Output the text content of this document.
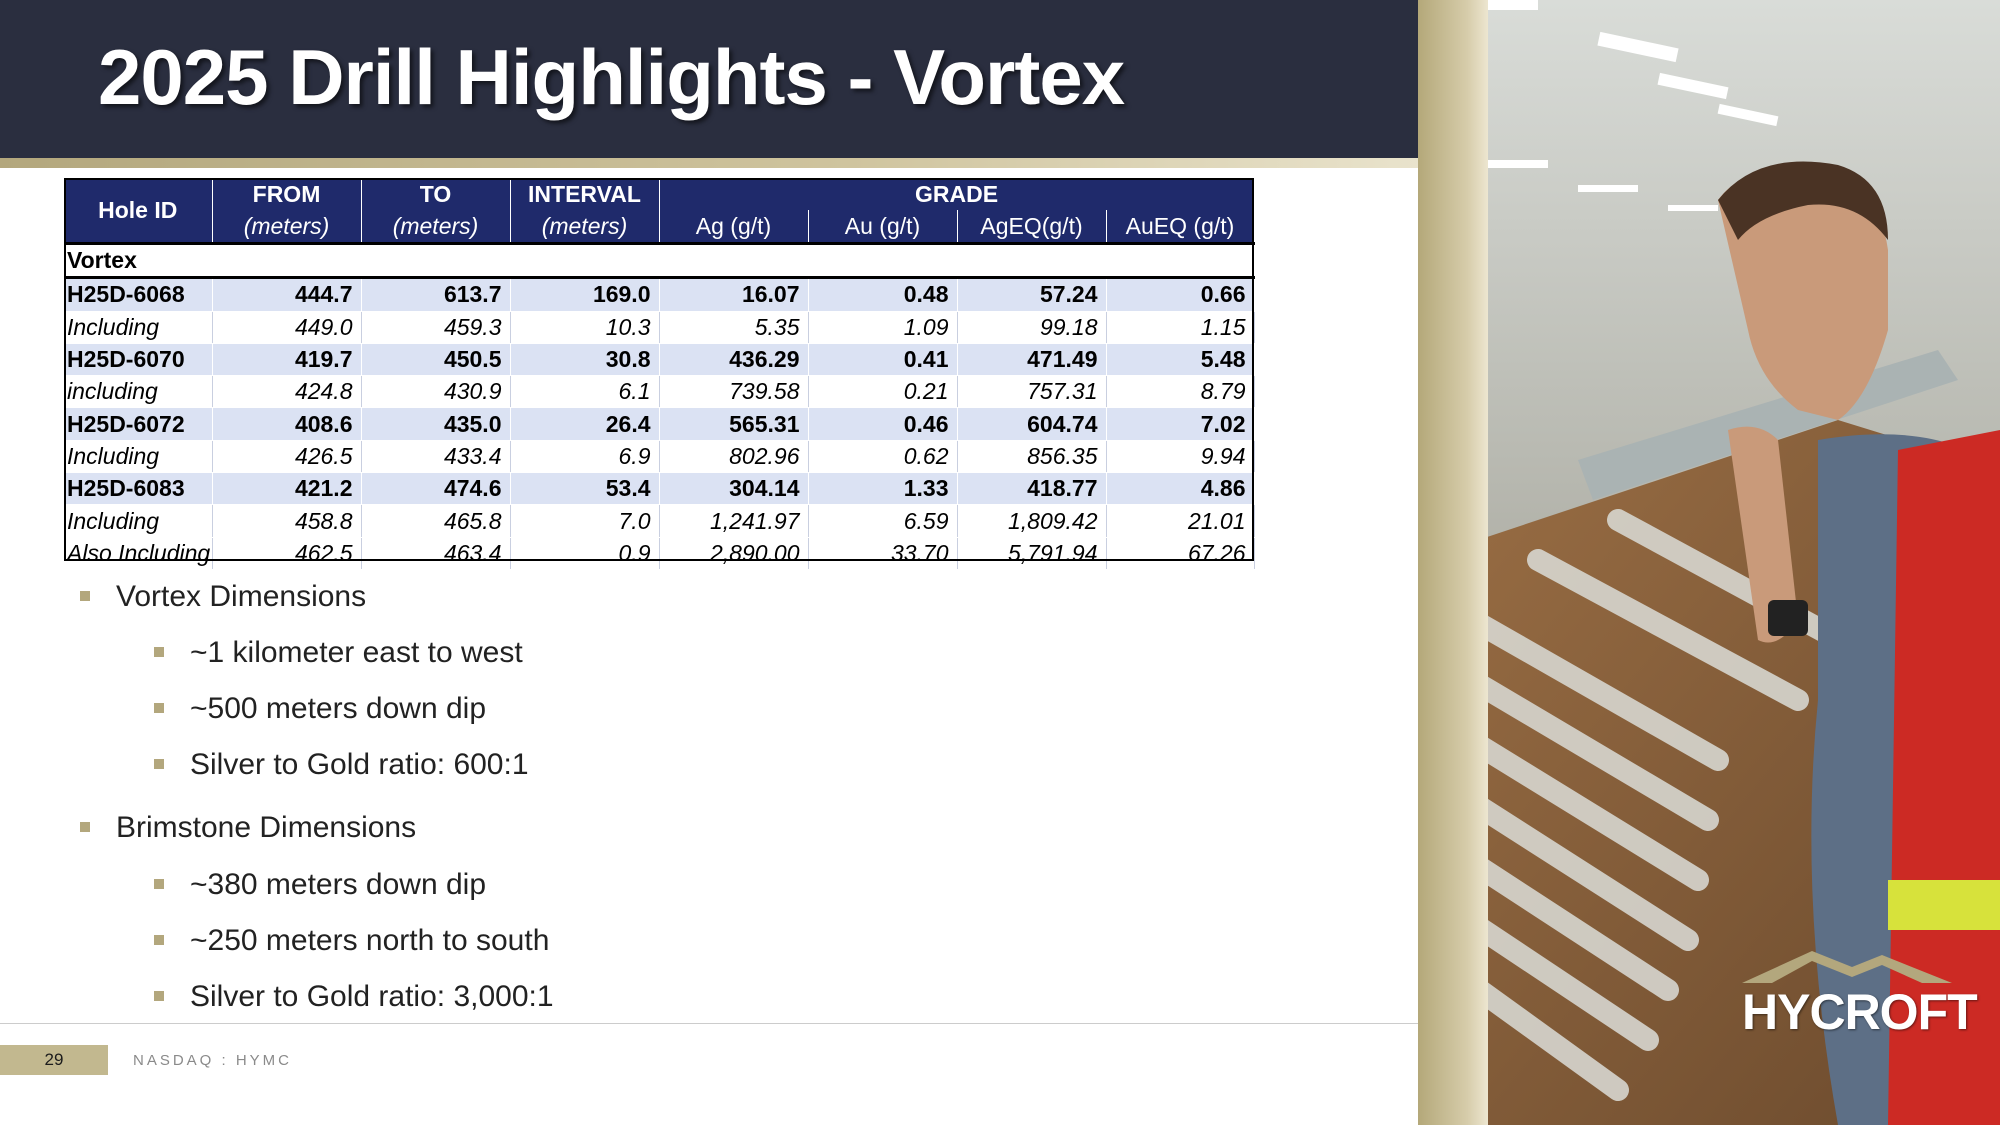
2025 Drill Highlights - Vortex
Hole ID	FROM	TO	INTERVAL	GRADE			
	(meters)	(meters)	(meters)	Ag (g/t)	Au (g/t)	AgEQ(g/t)	AuEQ (g/t)
Vortex							
H25D-6068	444.7	613.7	169.0	16.07	0.48	57.24	0.66
Including	449.0	459.3	10.3	5.35	1.09	99.18	1.15
H25D-6070	419.7	450.5	30.8	436.29	0.41	471.49	5.48
including	424.8	430.9	6.1	739.58	0.21	757.31	8.79
H25D-6072	408.6	435.0	26.4	565.31	0.46	604.74	7.02
Including	426.5	433.4	6.9	802.96	0.62	856.35	9.94
H25D-6083	421.2	474.6	53.4	304.14	1.33	418.77	4.86
Including	458.8	465.8	7.0	1,241.97	6.59	1,809.42	21.01
Also Including	462.5	463.4	0.9	2,890.00	33.70	5,791.94	67.26
Vortex Dimensions
~1 kilometer east to west
~500 meters down dip
Silver to Gold ratio: 600:1
Brimstone Dimensions
~380 meters down dip
~250 meters north to south
Silver to Gold ratio: 3,000:1
29	NASDAQ : HYMC
HYCROFT
